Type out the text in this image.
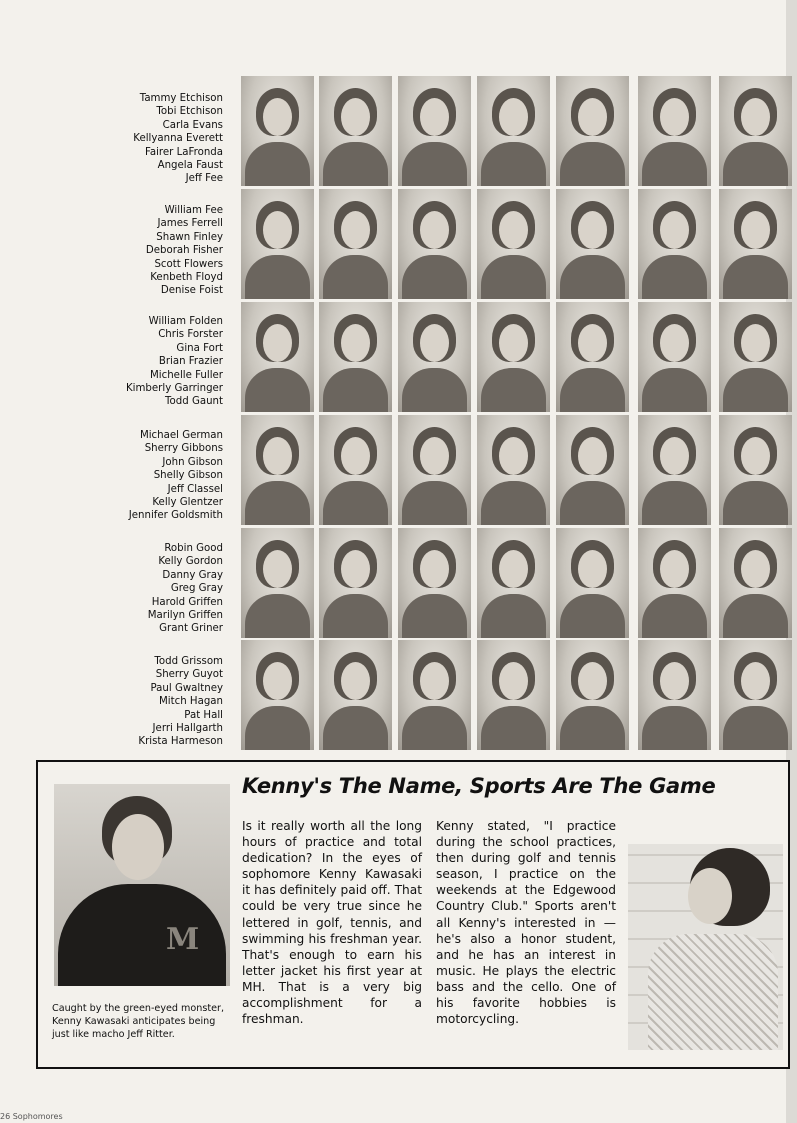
Tammy Etchison
Tobi Etchison
Carla Evans
Kellyanna Everett
Fairer LaFronda
Angela Faust
Jeff Fee
William Fee
James Ferrell
Shawn Finley
Deborah Fisher
Scott Flowers
Kenbeth Floyd
Denise Foist
William Folden
Chris Forster
Gina Fort
Brian Frazier
Michelle Fuller
Kimberly Garringer
Todd Gaunt
Michael German
Sherry Gibbons
John Gibson
Shelly Gibson
Jeff Classel
Kelly Glentzer
Jennifer Goldsmith
Robin Good
Kelly Gordon
Danny Gray
Greg Gray
Harold Griffen
Marilyn Griffen
Grant Griner
Todd Grissom
Sherry Guyot
Paul Gwaltney
Mitch Hagan
Pat Hall
Jerri Hallgarth
Krista Harmeson
M
Caught by the green-eyed monster, Kenny Kawasaki anticipates being just like macho Jeff Ritter.
Kenny's The Name, Sports Are The Game
Is it really worth all the long hours of practice and total dedication? In the eyes of sophomore Kenny Kawasaki it has definitely paid off. That could be very true since he lettered in golf, tennis, and swimming his freshman year. That's enough to earn his letter jacket his first year at MH. That is a very big accomplishment for a freshman.
Kenny stated, "I practice during the school practices, then during golf and tennis season, I practice on the weekends at the Edgewood Country Club." Sports aren't all Kenny's interested in — he's also a honor student, and he has an interest in music. He plays the electric bass and the cello. One of his favorite hobbies is motorcycling.
26 Sophomores
